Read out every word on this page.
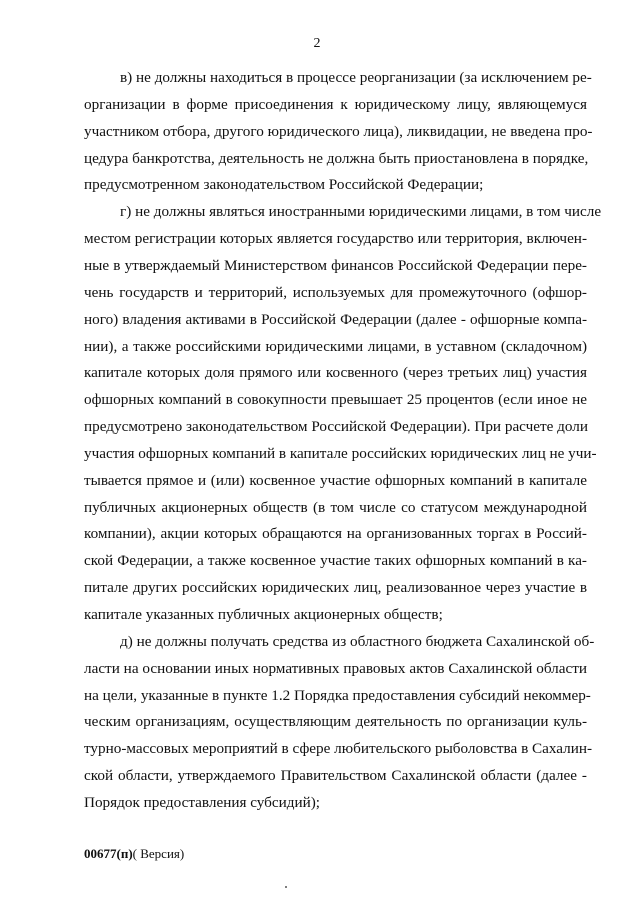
2
в) не должны находиться в процессе реорганизации (за исключением ре-
организации в форме присоединения к юридическому лицу, являющемуся
участником отбора, другого юридического лица), ликвидации, не введена про-
цедура банкротства, деятельность не должна быть приостановлена в порядке,
предусмотренном законодательством Российской Федерации;
г) не должны являться иностранными юридическими лицами, в том числе
местом регистрации которых является государство или территория, включен-
ные в утверждаемый Министерством финансов Российской Федерации пере-
чень государств и территорий, используемых для промежуточного (офшор-
ного) владения активами в Российской Федерации (далее - офшорные компа-
нии), а также российскими юридическими лицами, в уставном (складочном)
капитале которых доля прямого или косвенного (через третьих лиц) участия
офшорных компаний в совокупности превышает 25 процентов (если иное не
предусмотрено законодательством Российской Федерации). При расчете доли
участия офшорных компаний в капитале российских юридических лиц не учи-
тывается прямое и (или) косвенное участие офшорных компаний в капитале
публичных акционерных обществ (в том числе со статусом международной
компании), акции которых обращаются на организованных торгах в Россий-
ской Федерации, а также косвенное участие таких офшорных компаний в ка-
питале других российских юридических лиц, реализованное через участие в
капитале указанных публичных акционерных обществ;
д) не должны получать средства из областного бюджета Сахалинской об-
ласти на основании иных нормативных правовых актов Сахалинской области
на цели, указанные в пункте 1.2 Порядка предоставления субсидий некоммер-
ческим организациям, осуществляющим деятельность по организации куль-
турно-массовых мероприятий в сфере любительского рыболовства в Сахалин-
ской области, утверждаемого Правительством Сахалинской области (далее -
Порядок предоставления субсидий);
00677(п)( Версия)
